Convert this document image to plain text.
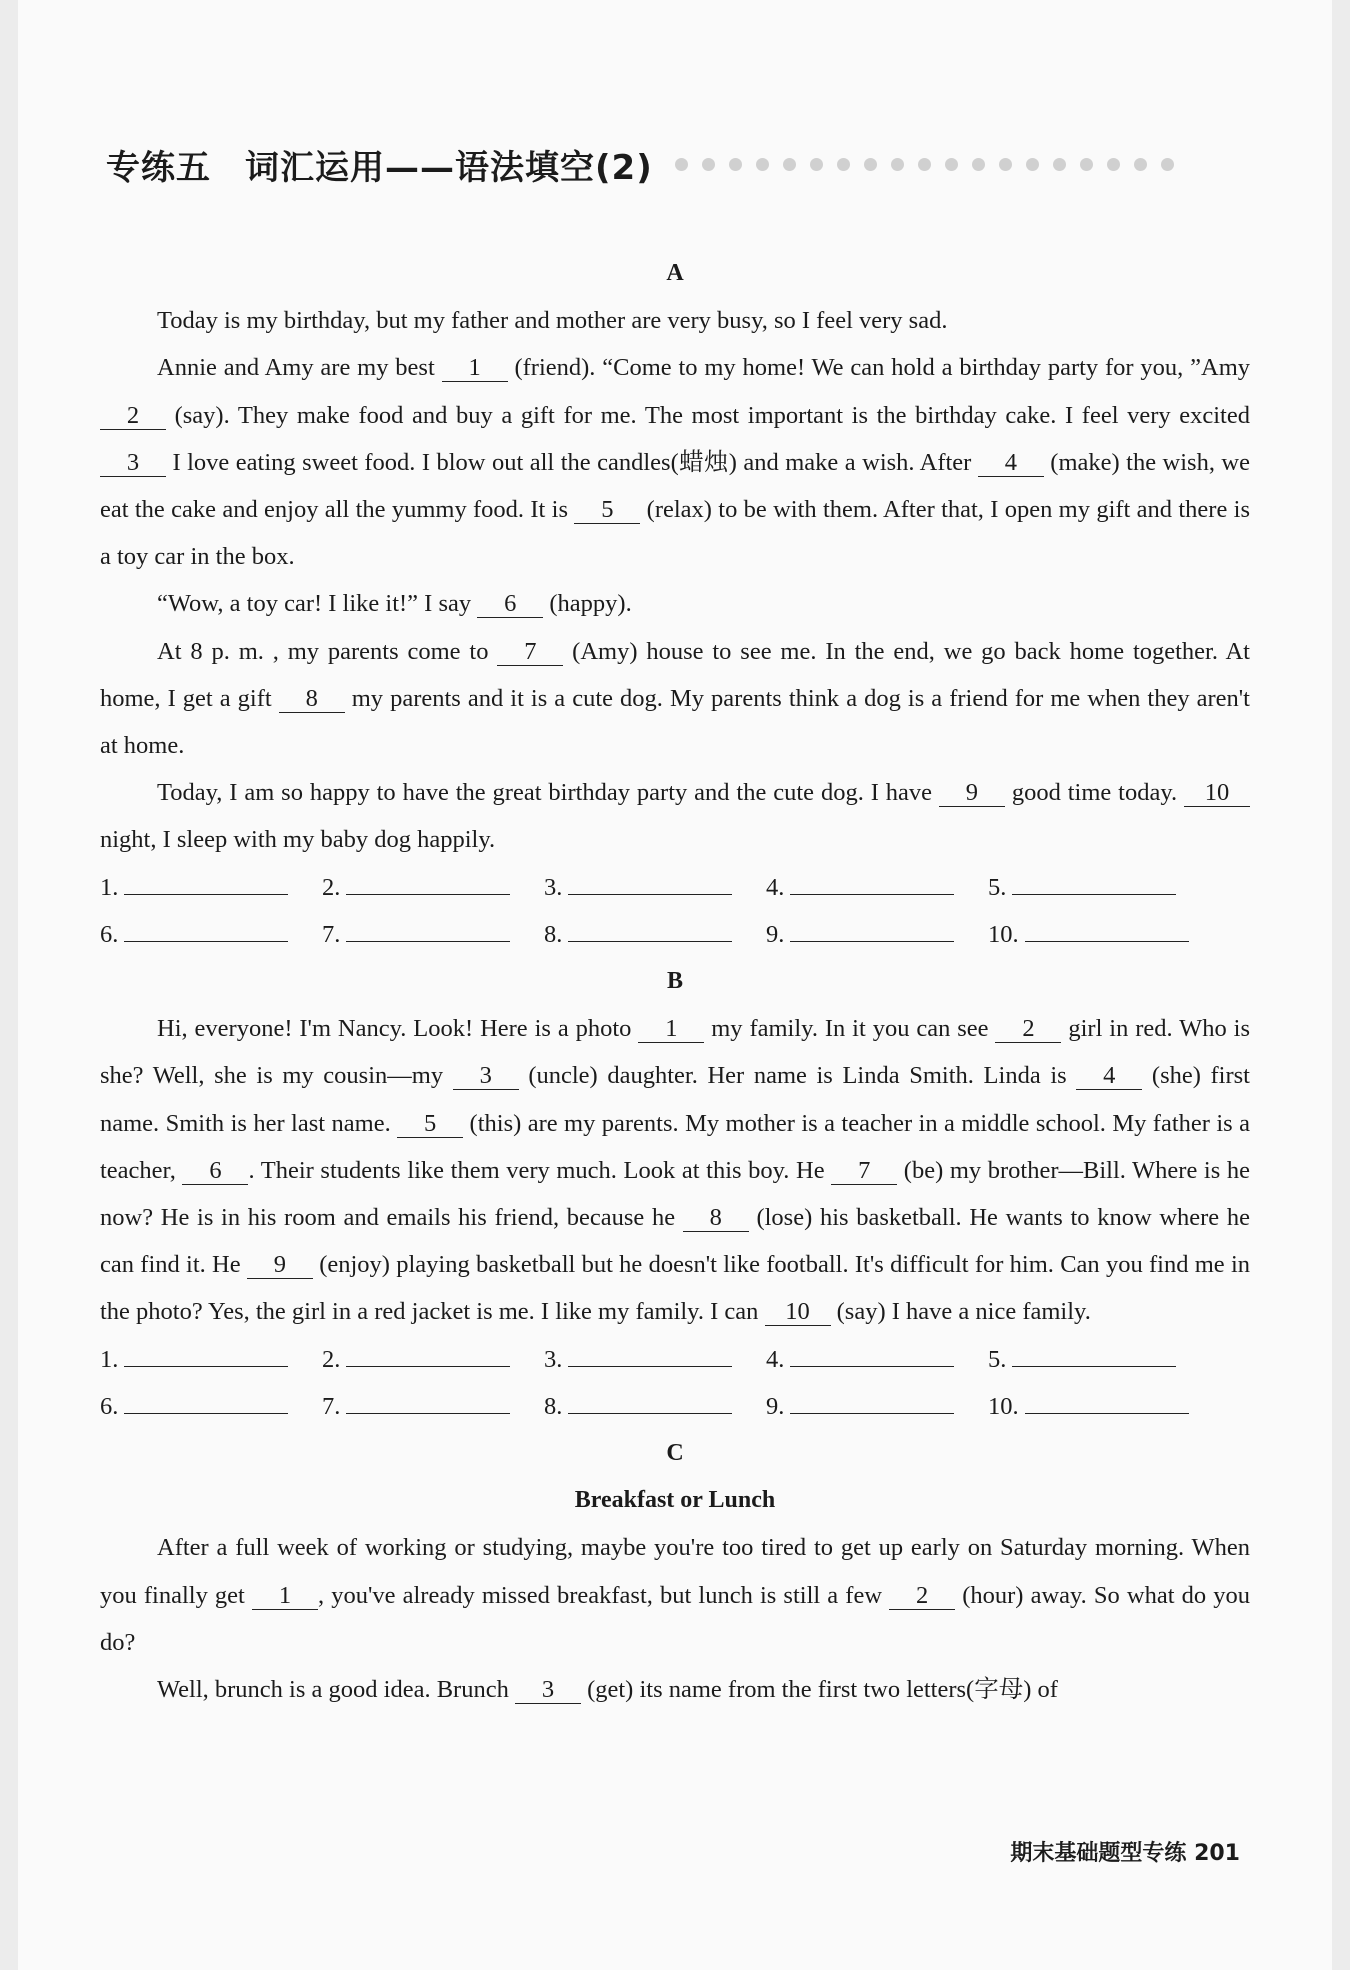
专练五 词汇运用——语法填空(2)
A

Today is my birthday, but my father and mother are very busy, so I feel very sad.

Annie and Amy are my best 1 (friend). “Come to my home! We can hold a birthday party for you, ”Amy 2 (say). They make food and buy a gift for me. The most important is the birthday cake. I feel very excited 3 I love eating sweet food. I blow out all the candles(蜡烛) and make a wish. After 4 (make) the wish, we eat the cake and enjoy all the yummy food. It is 5 (relax) to be with them. After that, I open my gift and there is a toy car in the box.

“Wow, a toy car! I like it!” I say 6 (happy).

At 8 p. m. , my parents come to 7 (Amy) house to see me. In the end, we go back home together. At home, I get a gift 8 my parents and it is a cute dog. My parents think a dog is a friend for me when they aren't at home.

Today, I am so happy to have the great birthday party and the cute dog. I have 9 good time today. 10 night, I sleep with my baby dog happily.

1.	2.	3.	4.	5.
6.	7.	8.	9.	10.
B

Hi, everyone! I'm Nancy. Look! Here is a photo 1 my family. In it you can see 2 girl in red. Who is she? Well, she is my cousin—my 3 (uncle) daughter. Her name is Linda Smith. Linda is 4 (she) first name. Smith is her last name. 5 (this) are my parents. My mother is a teacher in a middle school. My father is a teacher, 6 . Their students like them very much. Look at this boy. He 7 (be) my brother—Bill. Where is he now? He is in his room and emails his friend, because he 8 (lose) his basketball. He wants to know where he can find it. He 9 (enjoy) playing basketball but he doesn't like football. It's difficult for him. Can you find me in the photo? Yes, the girl in a red jacket is me. I like my family. I can 10 (say) I have a nice family.

1.	2.	3.	4.	5.
6.	7.	8.	9.	10.
C
Breakfast or Lunch

After a full week of working or studying, maybe you're too tired to get up early on Saturday morning. When you finally get 1 , you've already missed breakfast, but lunch is still a few 2 (hour) away. So what do you do?

Well, brunch is a good idea. Brunch 3 (get) its name from the first two letters(字母) of

期末基础题型专练 201
